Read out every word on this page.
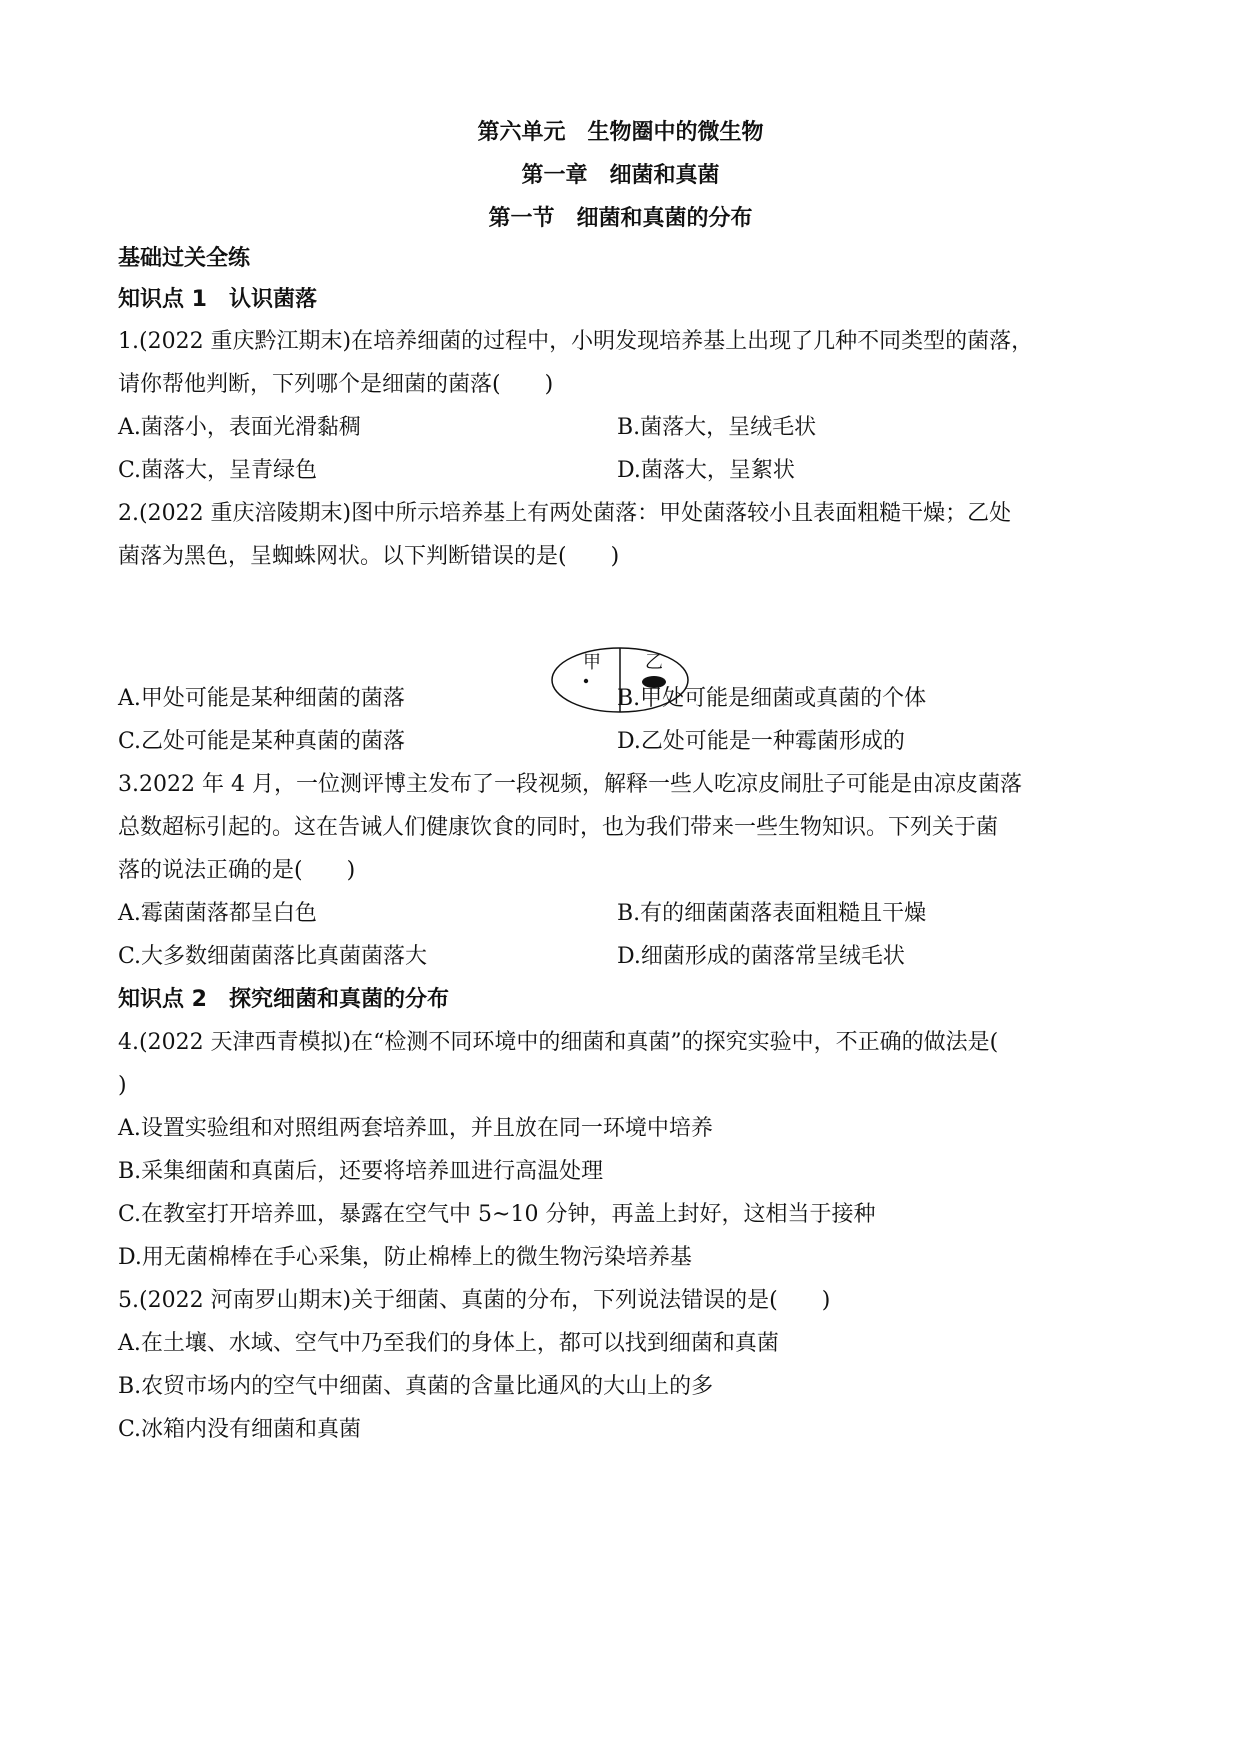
第六单元　生物圈中的微生物
第一章　细菌和真菌
第一节　细菌和真菌的分布
基础过关全练
知识点 1　认识菌落
1.(2022 重庆黔江期末)在培养细菌的过程中，小明发现培养基上出现了几种不同类型的菌落，
请你帮他判断，下列哪个是细菌的菌落(　　)
A.菌落小，表面光滑黏稠	B.菌落大，呈绒毛状
C.菌落大，呈青绿色	D.菌落大，呈絮状
2.(2022 重庆涪陵期末)图中所示培养基上有两处菌落：甲处菌落较小且表面粗糙干燥；乙处
菌落为黑色，呈蜘蛛网状。以下判断错误的是(　　)
甲 乙
A.甲处可能是某种细菌的菌落	B.甲处可能是细菌或真菌的个体
C.乙处可能是某种真菌的菌落	D.乙处可能是一种霉菌形成的
3.2022 年 4 月，一位测评博主发布了一段视频，解释一些人吃凉皮闹肚子可能是由凉皮菌落
总数超标引起的。这在告诫人们健康饮食的同时，也为我们带来一些生物知识。下列关于菌
落的说法正确的是(　　)
A.霉菌菌落都呈白色	B.有的细菌菌落表面粗糙且干燥
C.大多数细菌菌落比真菌菌落大	D.细菌形成的菌落常呈绒毛状
知识点 2　探究细菌和真菌的分布
4.(2022 天津西青模拟)在“检测不同环境中的细菌和真菌”的探究实验中，不正确的做法是(
)
A.设置实验组和对照组两套培养皿，并且放在同一环境中培养
B.采集细菌和真菌后，还要将培养皿进行高温处理
C.在教室打开培养皿，暴露在空气中 5~10 分钟，再盖上封好，这相当于接种
D.用无菌棉棒在手心采集，防止棉棒上的微生物污染培养基
5.(2022 河南罗山期末)关于细菌、真菌的分布，下列说法错误的是(　　)
A.在土壤、水域、空气中乃至我们的身体上，都可以找到细菌和真菌
B.农贸市场内的空气中细菌、真菌的含量比通风的大山上的多
C.冰箱内没有细菌和真菌
